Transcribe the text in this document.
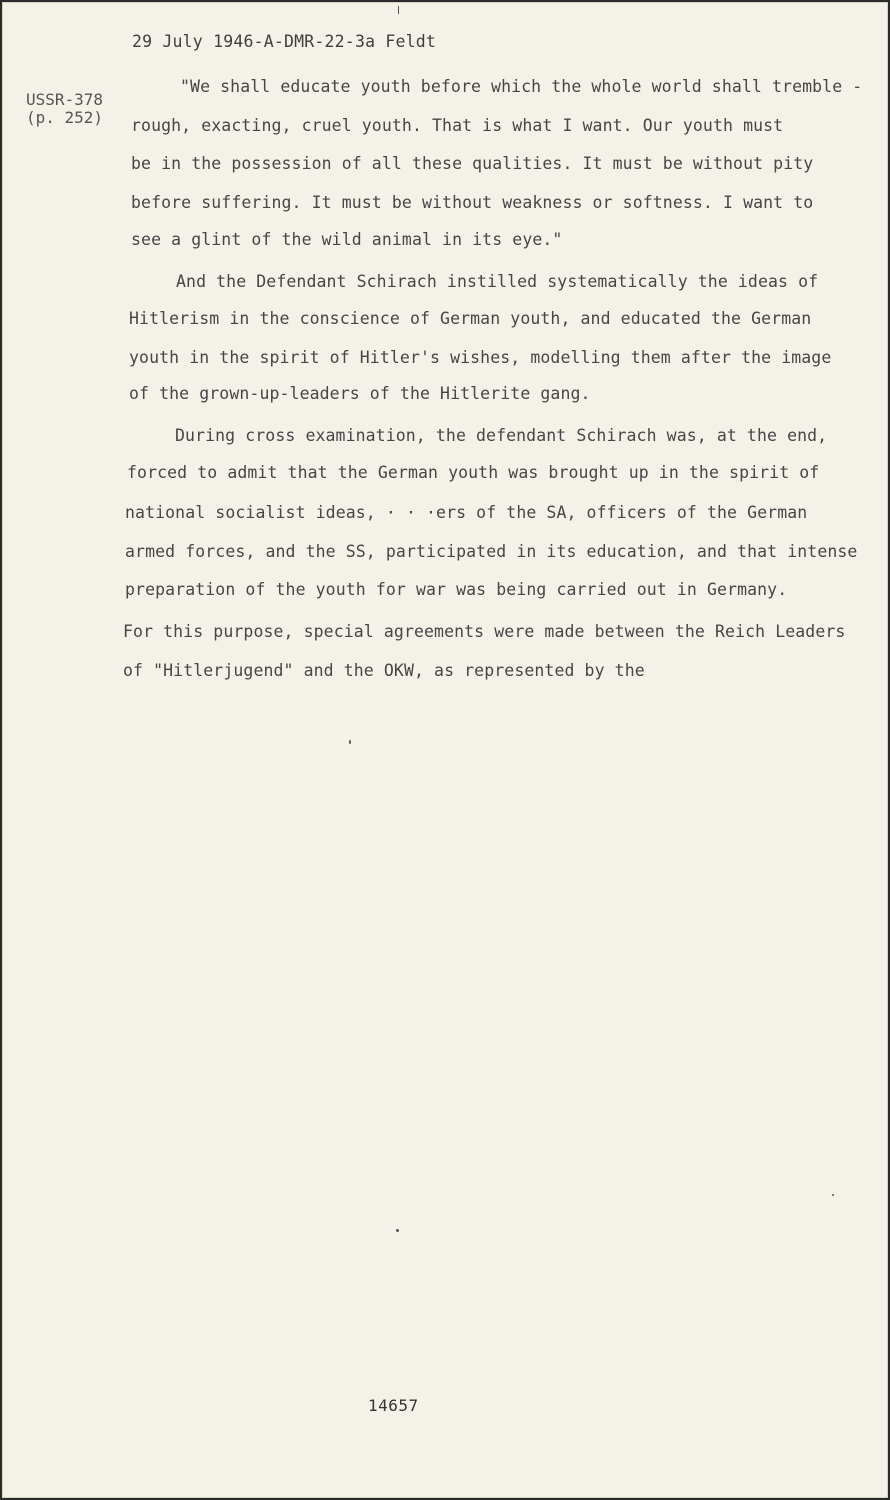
29 July 1946-A-DMR-22-3a Feldt
USSR-378
(p. 252)
"We shall educate youth before which the whole world shall tremble -
rough, exacting, cruel youth. That is what I want. Our youth must
be in the possession of all these qualities. It must be without pity
before suffering. It must be without weakness or softness. I want to
see a glint of the wild animal in its eye."
And the Defendant Schirach instilled systematically the ideas of
Hitlerism in the conscience of German youth, and educated the German
youth in the spirit of Hitler's wishes, modelling them after the image
of the grown-up-leaders of the Hitlerite gang.
During cross examination, the defendant Schirach was, at the end,
forced to admit that the German youth was brought up in the spirit of
national socialist ideas, · · ·ers of the SA, officers of the German
armed forces, and the SS, participated in its education, and that intense
preparation of the youth for war was being carried out in Germany.
For this purpose, special agreements were made between the Reich Leaders
of "Hitlerjugend" and the OKW, as represented by the
14657
